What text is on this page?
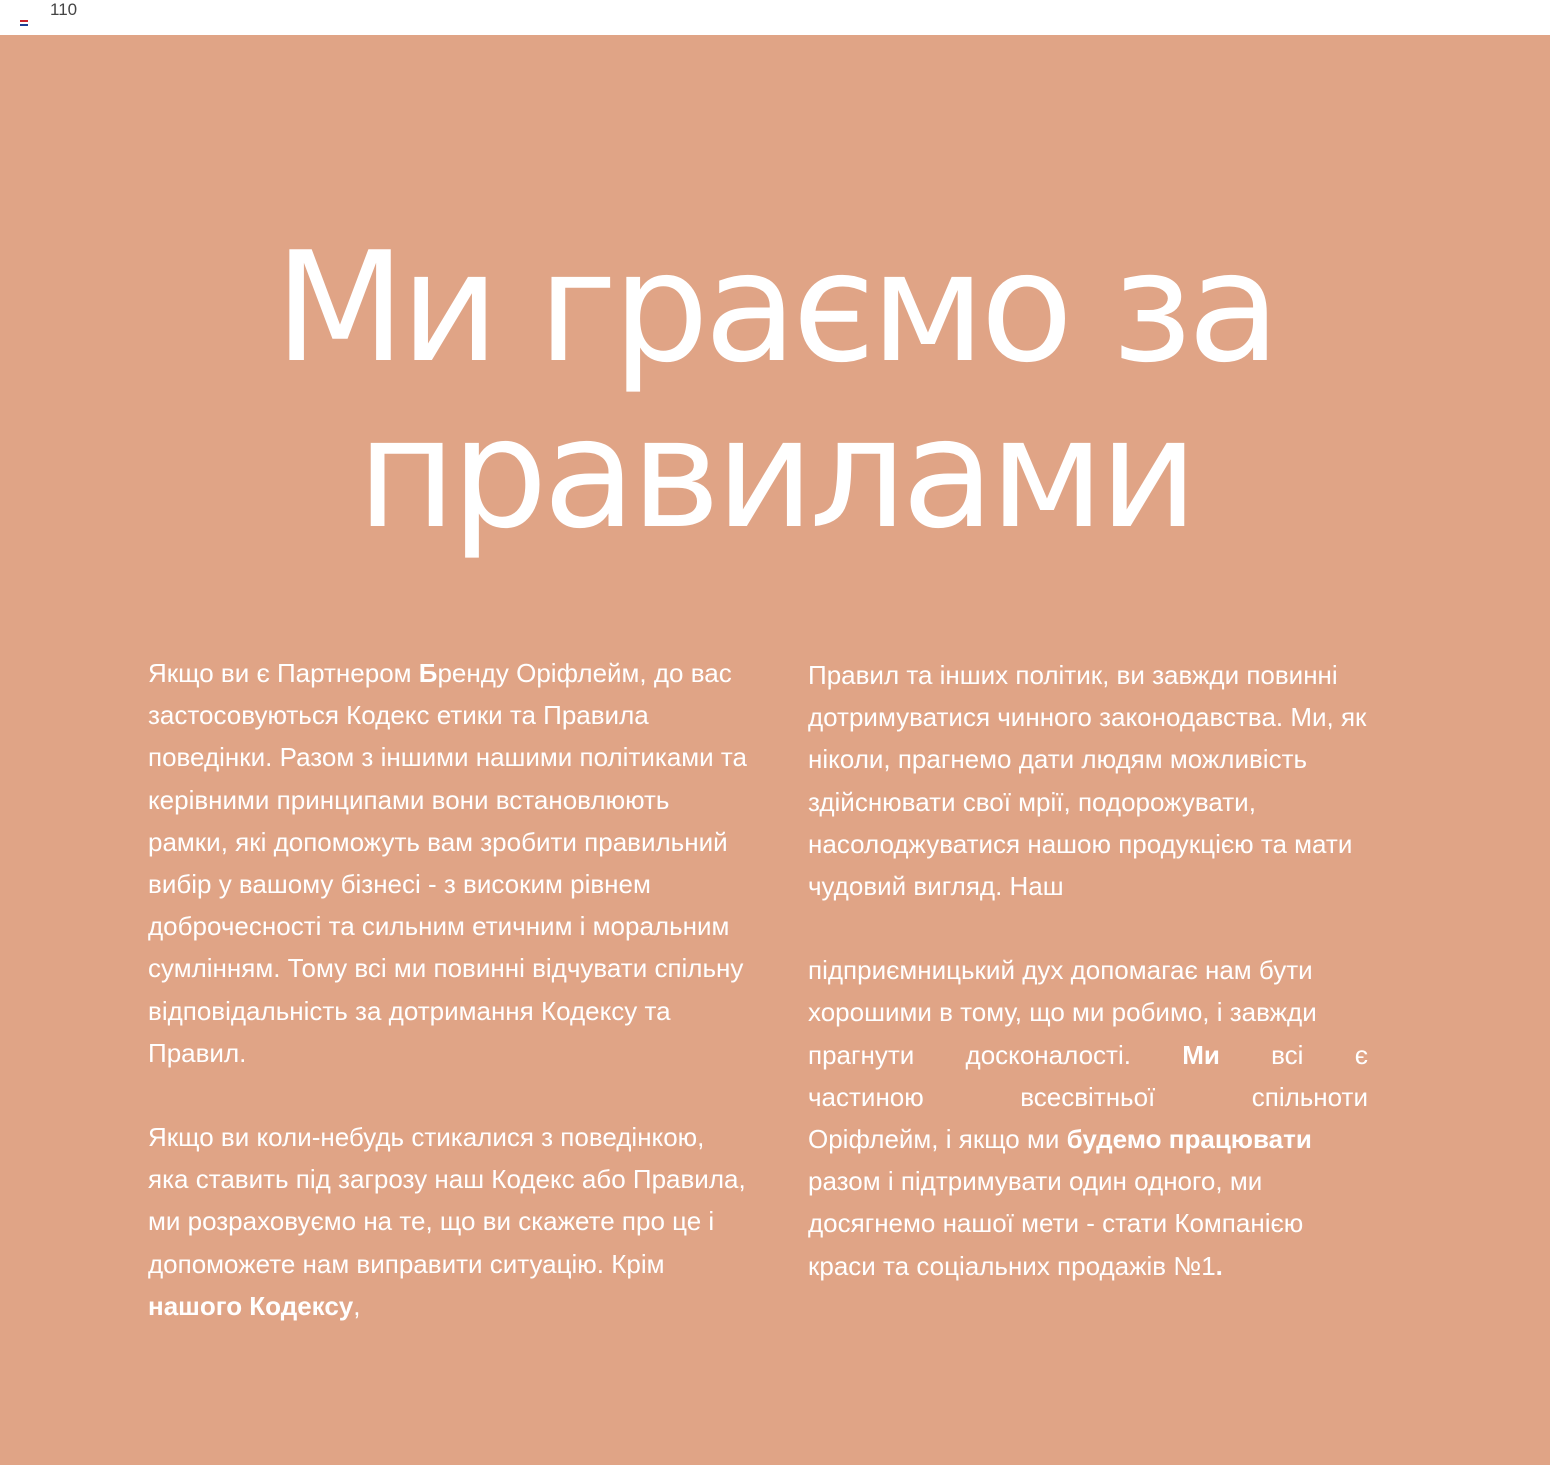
110
Ми граємо за
правилами

Якщо ви є Партнером Бренду Оріфлейм, до вас застосовуються Кодекс етики та Правила поведінки. Разом з іншими нашими політиками та керівними принципами вони встановлюють рамки, які допоможуть вам зробити правильний вибір у вашому бізнесі - з високим рівнем доброчесності та сильним етичним і моральним сумлінням. Тому всі ми повинні відчувати спільну відповідальність за дотримання Кодексу та Правил.

Якщо ви коли-небудь стикалися з поведінкою, яка ставить під загрозу наш Кодекс або Правила, ми розраховуємо на те, що ви скажете про це і допоможете нам виправити ситуацію. Крім нашого Кодексу,

Правил та інших політик, ви завжди повинні дотримуватися чинного законодавства. Ми, як ніколи, прагнемо дати людям можливість здійснювати свої мрії, подорожувати, насолоджуватися нашою продукцією та мати чудовий вигляд. Наш

підприємницький дух допомагає нам бути
хорошими в тому, що ми робимо, і завжди
прагнути досконалості. Ми всі є
частиною всесвітньої спільноти
Оріфлейм, і якщо ми будемо працювати
разом і підтримувати один одного, ми досягнемо нашої мети - стати Компанією краси та соціальних продажів №1.
